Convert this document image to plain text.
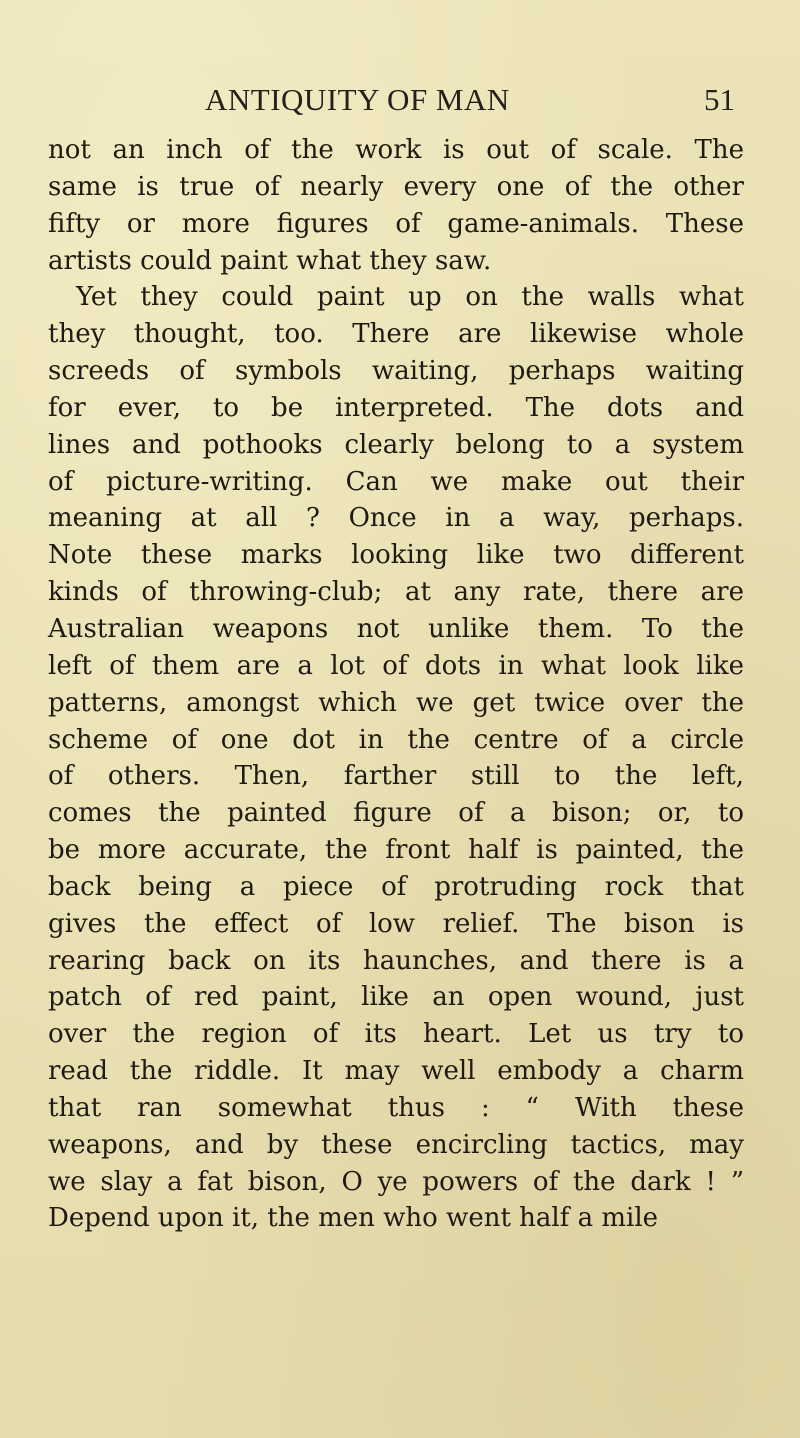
ANTIQUITY OF MAN	51
not an inch of the work is out of scale. The
same is true of nearly every one of the other
fifty or more figures of game-animals. These
artists could paint what they saw.
Yet they could paint up on the walls what
they thought, too. There are likewise whole
screeds of symbols waiting, perhaps waiting
for ever, to be interpreted. The dots and
lines and pothooks clearly belong to a system
of picture-writing. Can we make out their
meaning at all ? Once in a way, perhaps.
Note these marks looking like two different
kinds of throwing-club; at any rate, there are
Australian weapons not unlike them. To the
left of them are a lot of dots in what look like
patterns, amongst which we get twice over the
scheme of one dot in the centre of a circle
of others. Then, farther still to the left,
comes the painted figure of a bison; or, to
be more accurate, the front half is painted, the
back being a piece of protruding rock that
gives the effect of low relief. The bison is
rearing back on its haunches, and there is a
patch of red paint, like an open wound, just
over the region of its heart. Let us try to
read the riddle. It may well embody a charm
that ran somewhat thus : “ With these
weapons, and by these encircling tactics, may
we slay a fat bison, O ye powers of the dark ! ”
Depend upon it, the men who went half a mile
